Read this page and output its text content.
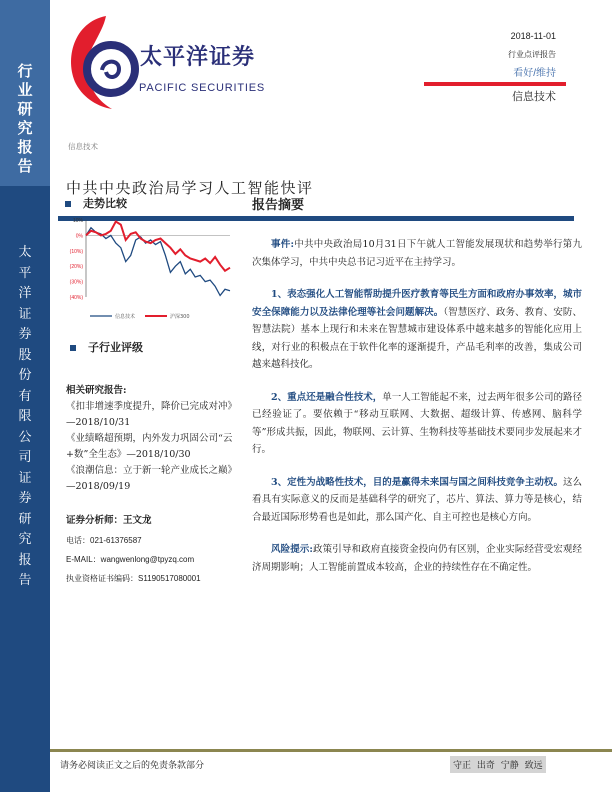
行
业
研
究
报
告
太
平
洋
证
券
股
份
有
限
公
司
证
券
研
究
报
告
太平洋证券
PACIFIC SECURITIES
2018-11-01
行业点评报告
看好/维持
信息技术
信息技术
中共中央政治局学习人工智能快评
走势比较
10%
0%
(10%)
(20%)
(30%)
(40%)
信息技术	沪深300
子行业评级
相关研究报告:
《扣非增速季度提升，降价已完成对冲》—2018/10/31
《业绩略超预期，内外发力巩固公司“云+数”全生态》—2018/10/30
《浪潮信息：立于新一轮产业成长之巅》—2018/09/19
证券分析师：王文龙
电话：021-61376587
E-MAIL：wangwenlong@tpyzq.com
执业资格证书编码：S1190517080001
报告摘要

事件:中共中央政治局10月31日下午就人工智能发展现状和趋势举行第九次集体学习，中共中央总书记习近平在主持学习。

1、表态强化人工智能帮助提升医疗教育等民生方面和政府办事效率，城市安全保障能力以及法律伦理等社会问题解决。（智慧医疗、政务、教育、安防、智慧法院）基本上现行和未来在智慧城市建设体系中越来越多的智能化应用上线，对行业的积极点在于软件化率的逐渐提升，产品毛利率的改善，集成公司越来越科技化。

2、重点还是融合性技术，单一人工智能起不来，过去两年很多公司的路径已经验证了。要依赖于“移动互联网、大数据、超级计算、传感网、脑科学等”形成共振，因此，物联网、云计算、生物科技等基础技术要同步发展起来才行。

3、定性为战略性技术，目的是赢得未来国与国之间科技竞争主动权。这么看具有实际意义的反而是基础科学的研究了，芯片、算法、算力等是核心，结合最近国际形势看也是如此，那么国产化、自主可控也是核心方向。

风险提示:政策引导和政府直接资金投向仍有区别，企业实际经营受宏观经济周期影响；人工智能前置成本较高，企业的持续性存在不确定性。

请务必阅读正文之后的免责条款部分	守正 出奇 宁静 致远
